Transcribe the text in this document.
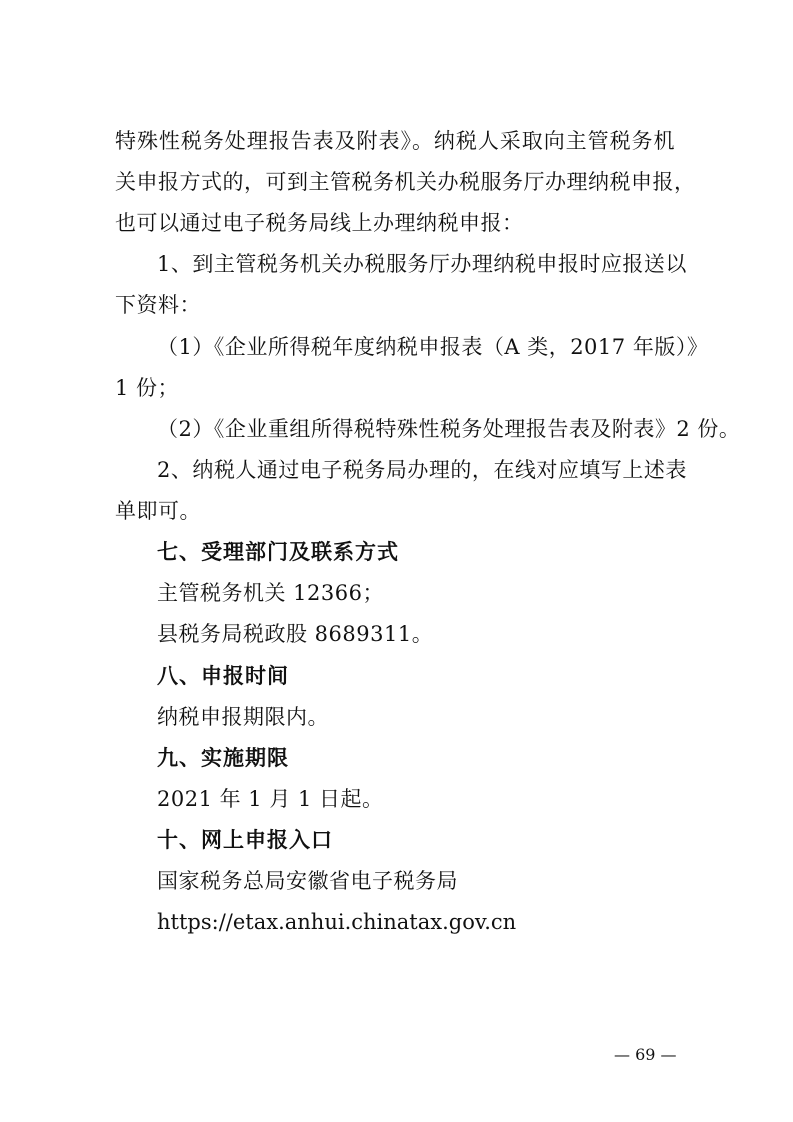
特殊性税务处理报告表及附表》。纳税人采取向主管税务机
关申报方式的，可到主管税务机关办税服务厅办理纳税申报，
也可以通过电子税务局线上办理纳税申报：
1、到主管税务机关办税服务厅办理纳税申报时应报送以
下资料：
（1）《企业所得税年度纳税申报表（A 类，2017 年版）》
1 份；
（2）《企业重组所得税特殊性税务处理报告表及附表》2 份。
2、纳税人通过电子税务局办理的，在线对应填写上述表
单即可。
七、受理部门及联系方式
主管税务机关 12366；
县税务局税政股 8689311。
八、申报时间
纳税申报期限内。
九、实施期限
2021 年 1 月 1 日起。
十、网上申报入口
国家税务总局安徽省电子税务局
https://etax.anhui.chinatax.gov.cn
— 69 —
